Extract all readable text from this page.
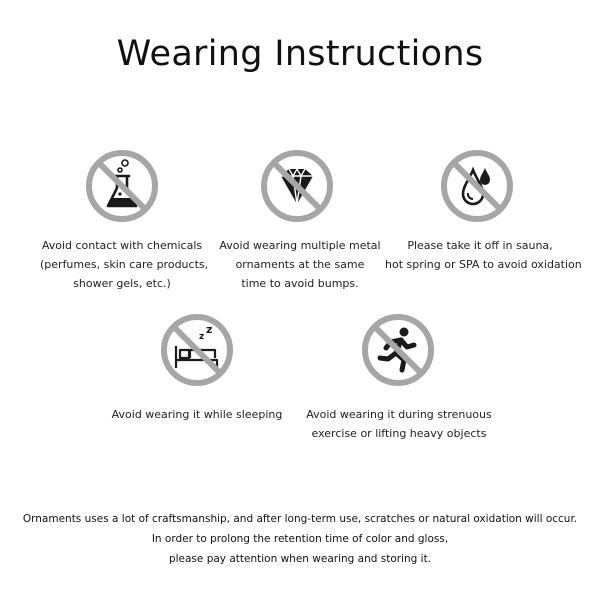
Wearing Instructions
Avoid contact with chemicals
(perfumes, skin care products,
shower gels, etc.)
Avoid wearing multiple metal
ornaments at the same
time to avoid bumps.
Please take it off in sauna,
hot spring or SPA to avoid oxidation
z
z
Avoid wearing it while sleeping	Avoid wearing it during strenuous
exercise or lifting heavy objects
Ornaments uses a lot of craftsmanship, and after long-term use, scratches or natural oxidation will occur.
In order to prolong the retention time of color and gloss,
please pay attention when wearing and storing it.
